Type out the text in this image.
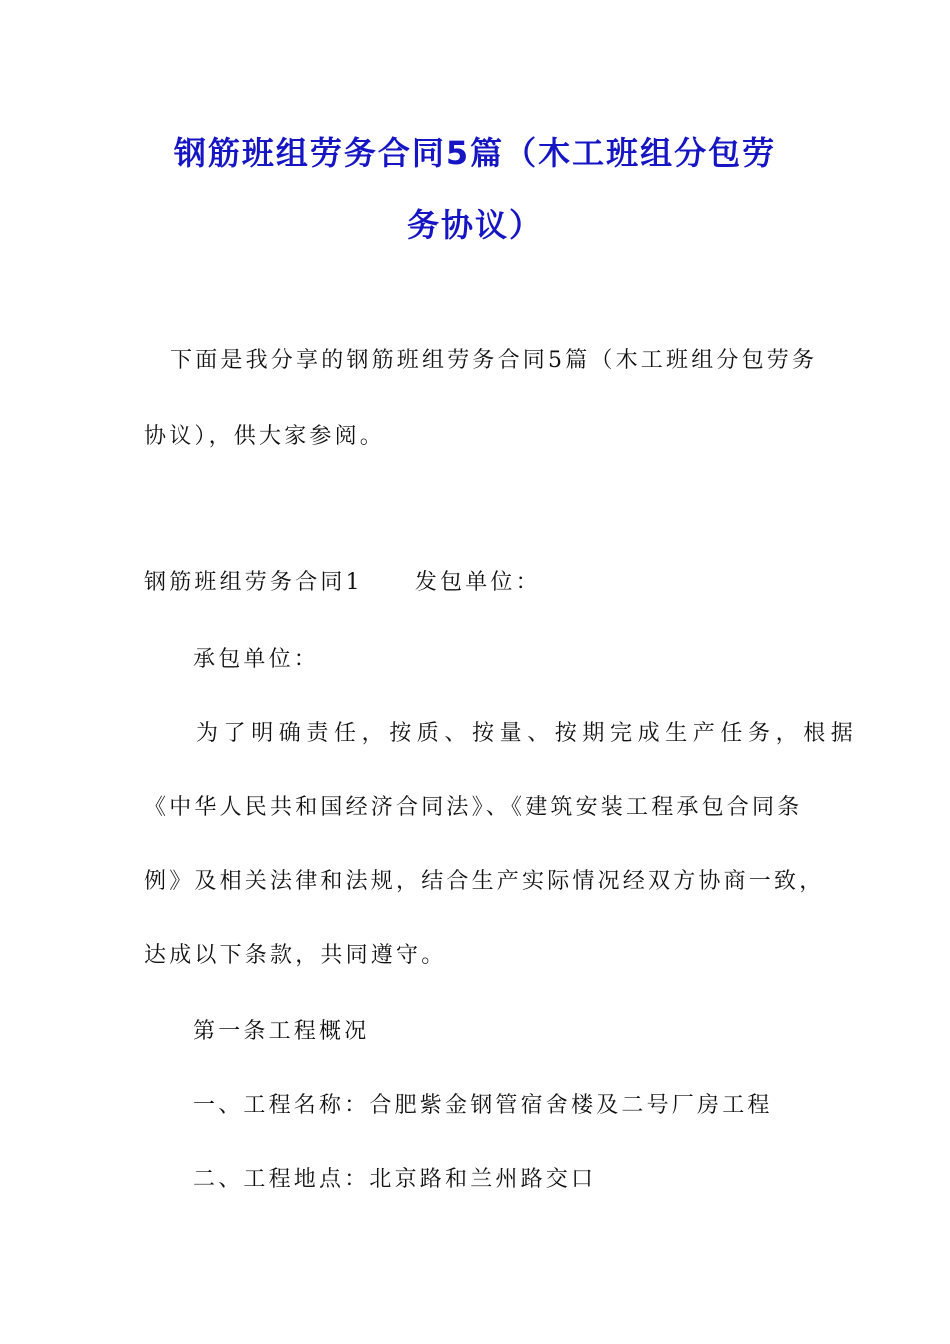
钢筋班组劳务合同5篇（木工班组分包劳
务协议）
下面是我分享的钢筋班组劳务合同5篇（木工班组分包劳务
协议），供大家参阅。
钢筋班组劳务合同1 发包单位：
承包单位：
为了明确责任，按质、按量、按期完成生产任务，根据
《中华人民共和国经济合同法》、《建筑安装工程承包合同条
例》及相关法律和法规，结合生产实际情况经双方协商一致，
达成以下条款，共同遵守。
第一条工程概况
一、工程名称：合肥紫金钢管宿舍楼及二号厂房工程
二、工程地点：北京路和兰州路交口
